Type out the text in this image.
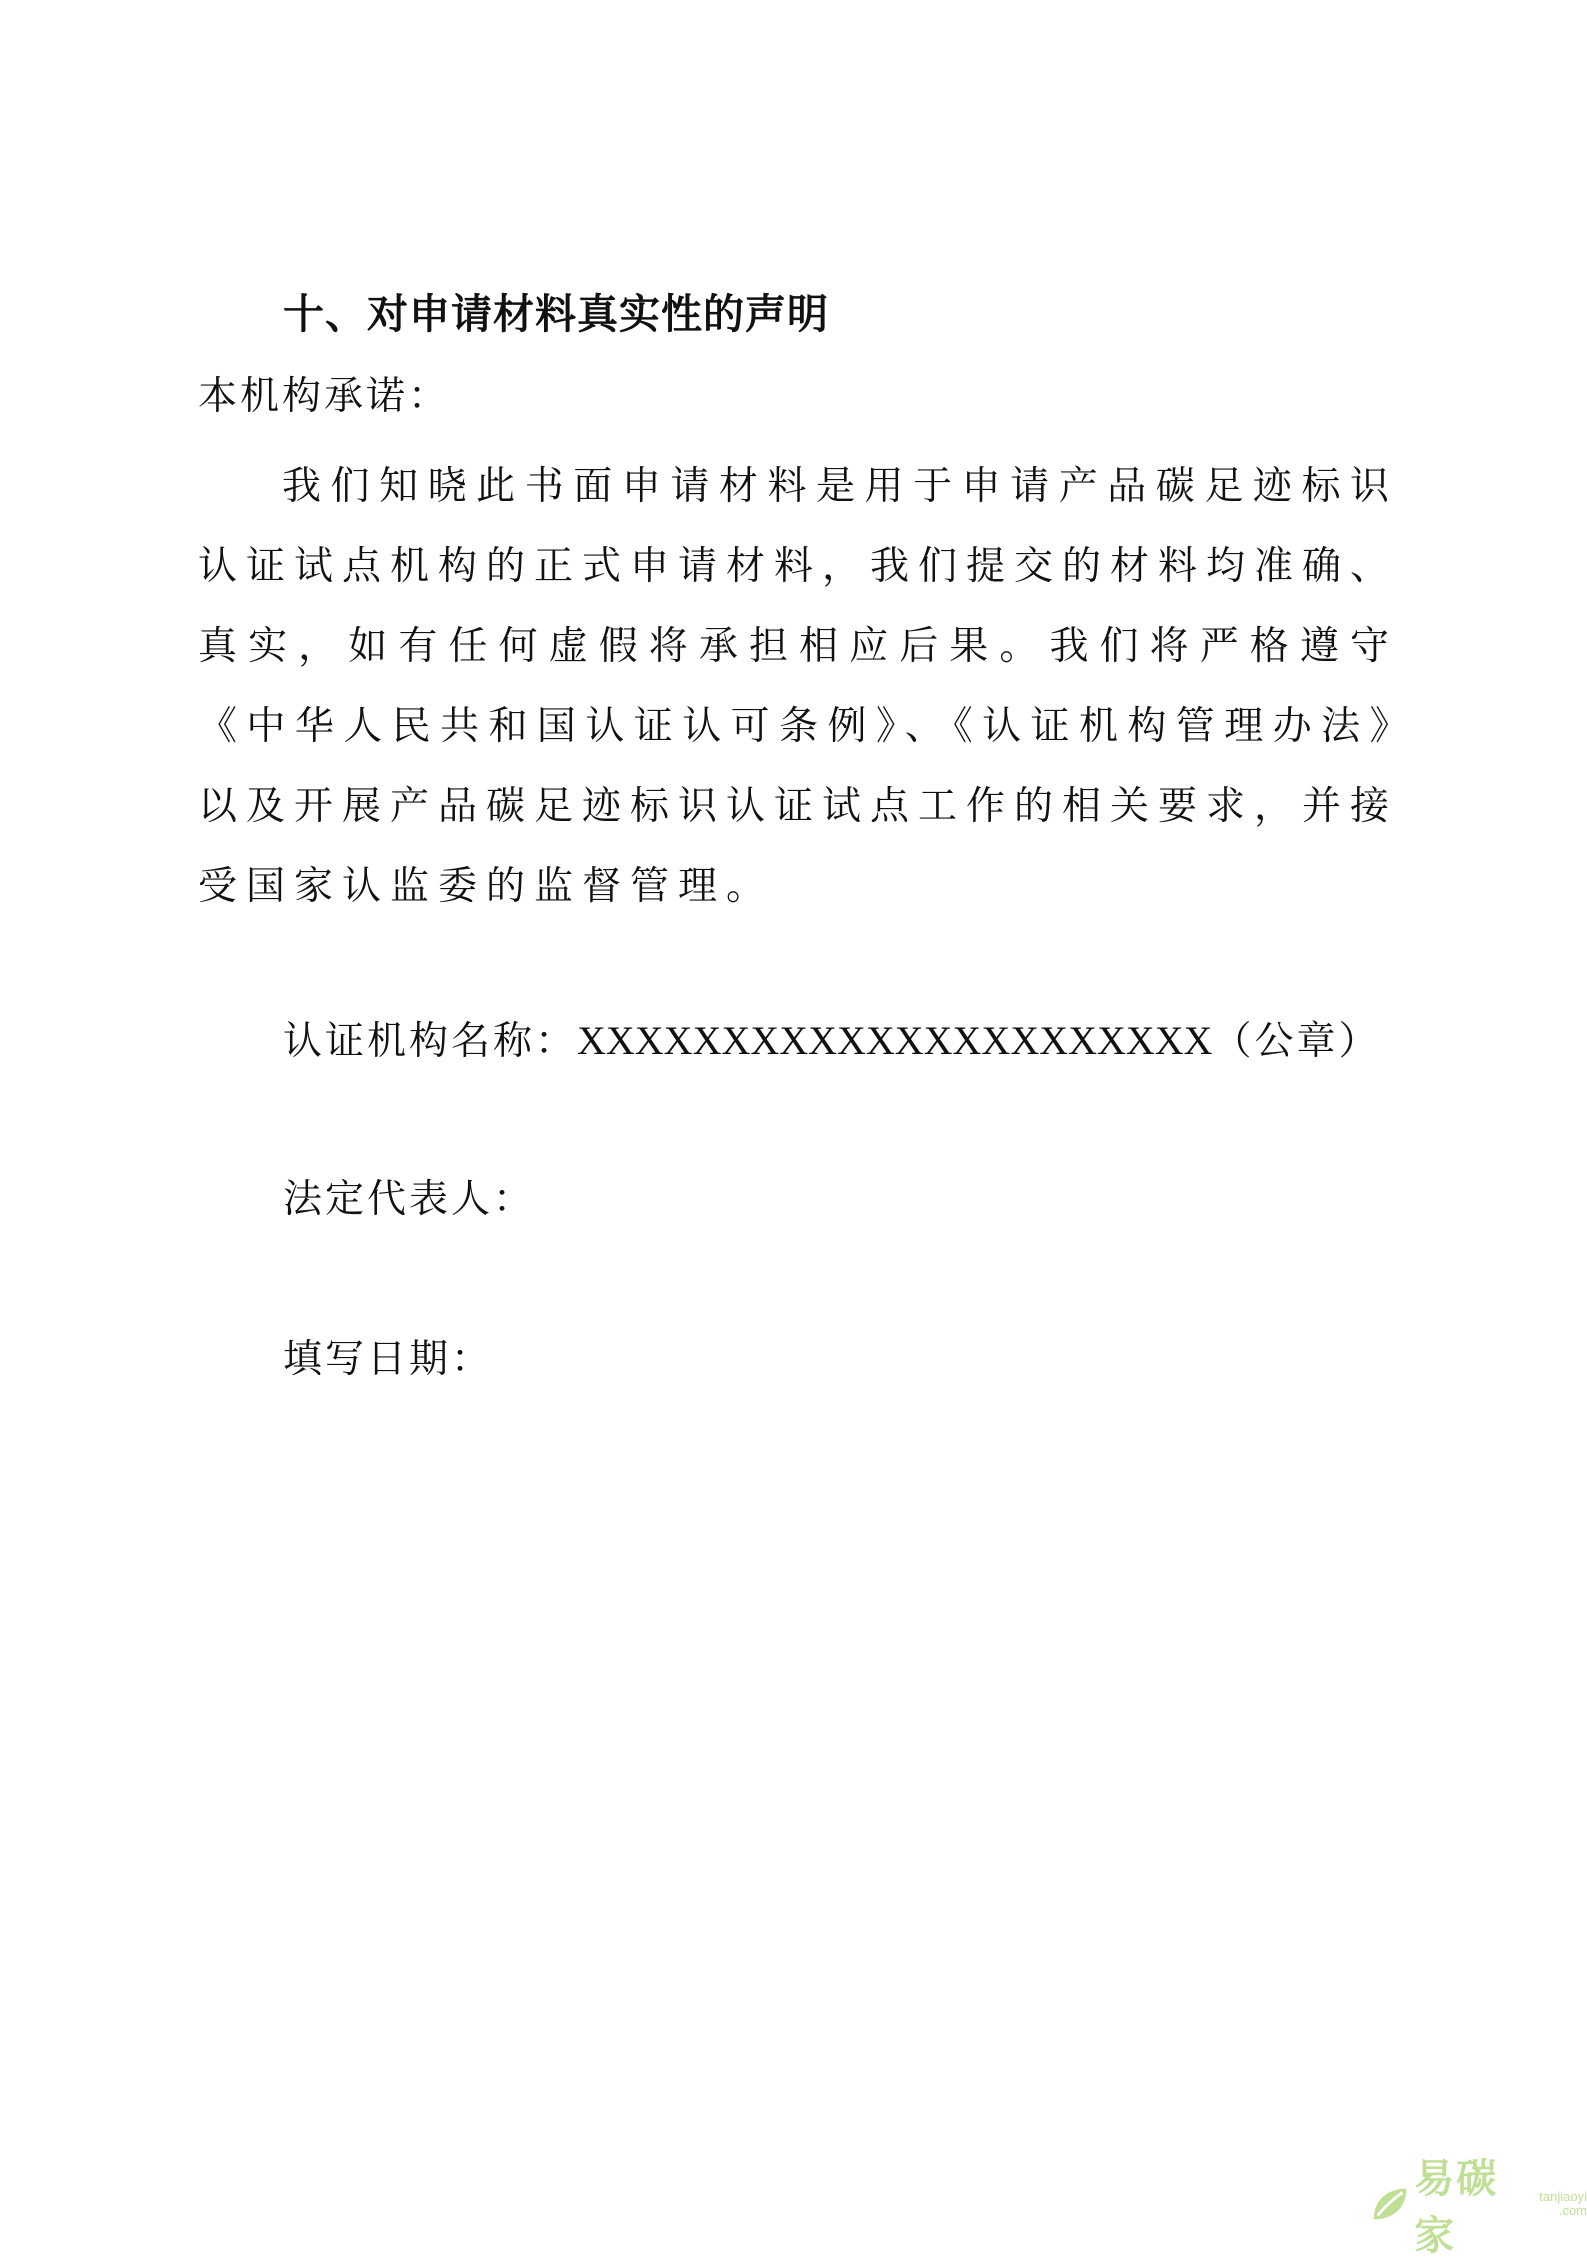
十、对申请材料真实性的声明
本机构承诺：
我们知晓此书面申请材料是用于申请产品碳足迹标识认证试点机构的正式申请材料，我们提交的材料均准确、真实，如有任何虚假将承担相应后果。我们将严格遵守《中华人民共和国认证认可条例》、《认证机构管理办法》以及开展产品碳足迹标识认证试点工作的相关要求，并接受国家认监委的监督管理。
认证机构名称：XXXXXXXXXXXXXXXXXXXXXX（公章）
法定代表人：
填写日期：
易碳家
tanjiaoyi
.com
